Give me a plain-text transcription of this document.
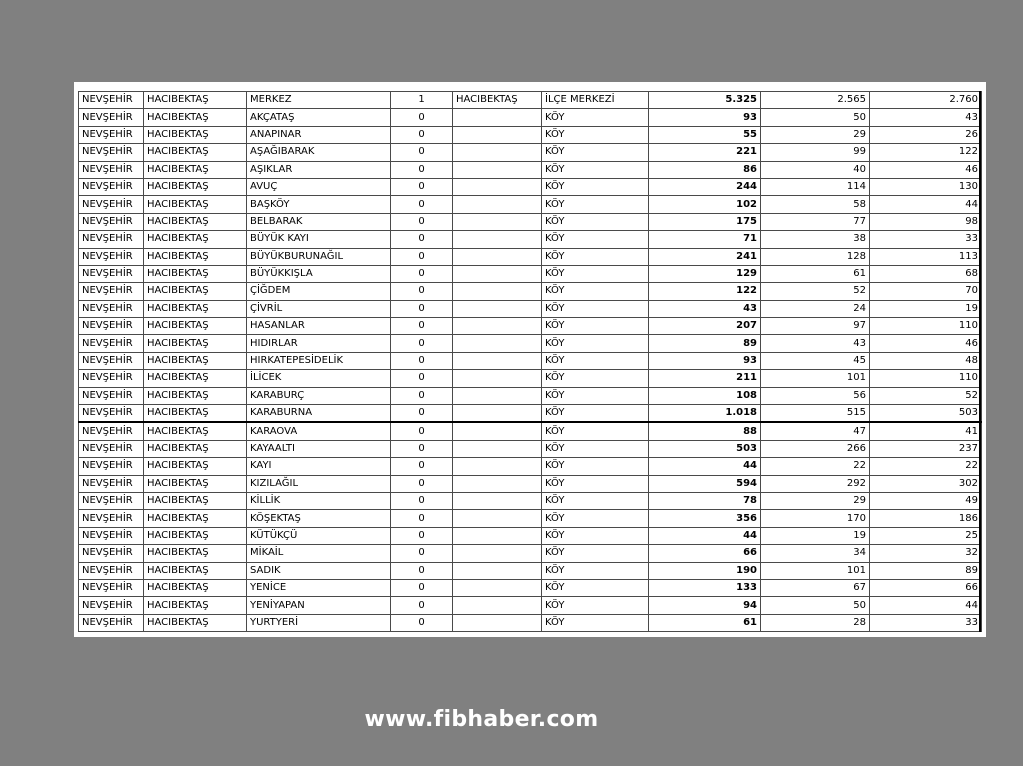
NEVŞEHİR	HACIBEKTAŞ	MERKEZ	1	HACIBEKTAŞ	İLÇE MERKEZİ	5.325	2.565	2.760
NEVŞEHİR	HACIBEKTAŞ	AKÇATAŞ	0		KÖY	93	50	43
NEVŞEHİR	HACIBEKTAŞ	ANAPINAR	0		KÖY	55	29	26
NEVŞEHİR	HACIBEKTAŞ	AŞAĞIBARAK	0		KÖY	221	99	122
NEVŞEHİR	HACIBEKTAŞ	AŞIKLAR	0		KÖY	86	40	46
NEVŞEHİR	HACIBEKTAŞ	AVUÇ	0		KÖY	244	114	130
NEVŞEHİR	HACIBEKTAŞ	BAŞKÖY	0		KÖY	102	58	44
NEVŞEHİR	HACIBEKTAŞ	BELBARAK	0		KÖY	175	77	98
NEVŞEHİR	HACIBEKTAŞ	BÜYÜK KAYI	0		KÖY	71	38	33
NEVŞEHİR	HACIBEKTAŞ	BÜYÜKBURUNAĞIL	0		KÖY	241	128	113
NEVŞEHİR	HACIBEKTAŞ	BÜYÜKKIŞLA	0		KÖY	129	61	68
NEVŞEHİR	HACIBEKTAŞ	ÇİĞDEM	0		KÖY	122	52	70
NEVŞEHİR	HACIBEKTAŞ	ÇİVRİL	0		KÖY	43	24	19
NEVŞEHİR	HACIBEKTAŞ	HASANLAR	0		KÖY	207	97	110
NEVŞEHİR	HACIBEKTAŞ	HIDIRLAR	0		KÖY	89	43	46
NEVŞEHİR	HACIBEKTAŞ	HIRKATEPESİDELİK	0		KÖY	93	45	48
NEVŞEHİR	HACIBEKTAŞ	İLİCEK	0		KÖY	211	101	110
NEVŞEHİR	HACIBEKTAŞ	KARABURÇ	0		KÖY	108	56	52
NEVŞEHİR	HACIBEKTAŞ	KARABURNA	0		KÖY	1.018	515	503
NEVŞEHİR	HACIBEKTAŞ	KARAOVA	0		KÖY	88	47	41
NEVŞEHİR	HACIBEKTAŞ	KAYAALTI	0		KÖY	503	266	237
NEVŞEHİR	HACIBEKTAŞ	KAYI	0		KÖY	44	22	22
NEVŞEHİR	HACIBEKTAŞ	KIZILAĞIL	0		KÖY	594	292	302
NEVŞEHİR	HACIBEKTAŞ	KİLLİK	0		KÖY	78	29	49
NEVŞEHİR	HACIBEKTAŞ	KÖŞEKTAŞ	0		KÖY	356	170	186
NEVŞEHİR	HACIBEKTAŞ	KÜTÜKÇÜ	0		KÖY	44	19	25
NEVŞEHİR	HACIBEKTAŞ	MİKAİL	0		KÖY	66	34	32
NEVŞEHİR	HACIBEKTAŞ	SADIK	0		KÖY	190	101	89
NEVŞEHİR	HACIBEKTAŞ	YENİCE	0		KÖY	133	67	66
NEVŞEHİR	HACIBEKTAŞ	YENİYAPAN	0		KÖY	94	50	44
NEVŞEHİR	HACIBEKTAŞ	YURTYERİ	0		KÖY	61	28	33
www.fibhaber.com
